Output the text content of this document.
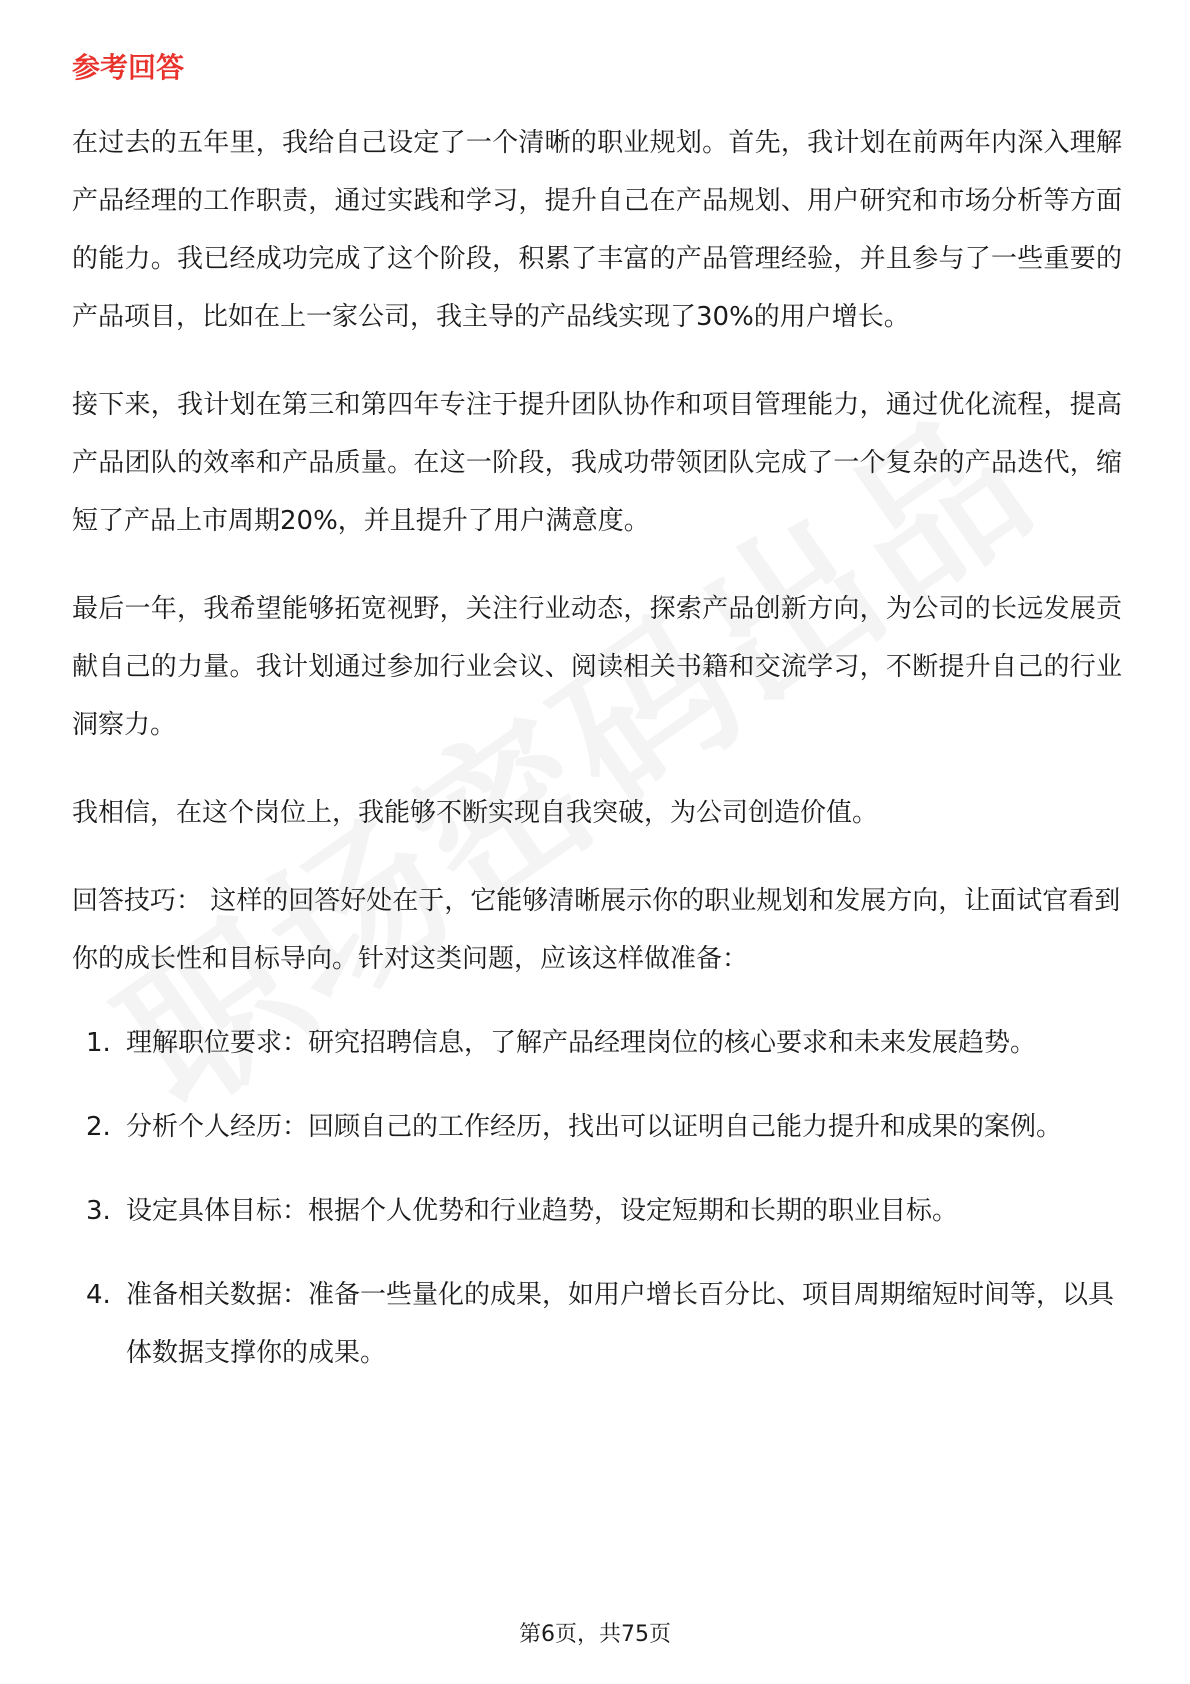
参考回答

在过去的五年里，我给自己设定了一个清晰的职业规划。首先，我计划在前两年内深入理解产品经理的工作职责，通过实践和学习，提升自己在产品规划、用户研究和市场分析等方面的能力。我已经成功完成了这个阶段，积累了丰富的产品管理经验，并且参与了一些重要的产品项目，比如在上一家公司，我主导的产品线实现了30%的用户增长。

接下来，我计划在第三和第四年专注于提升团队协作和项目管理能力，通过优化流程，提高产品团队的效率和产品质量。在这一阶段，我成功带领团队完成了一个复杂的产品迭代，缩短了产品上市周期20%，并且提升了用户满意度。

最后一年，我希望能够拓宽视野，关注行业动态，探索产品创新方向，为公司的长远发展贡献自己的力量。我计划通过参加行业会议、阅读相关书籍和交流学习，不断提升自己的行业洞察力。

我相信，在这个岗位上，我能够不断实现自我突破，为公司创造价值。

回答技巧： 这样的回答好处在于，它能够清晰展示你的职业规划和发展方向，让面试官看到你的成长性和目标导向。针对这类问题，应该这样做准备：

1. 理解职位要求：研究招聘信息，了解产品经理岗位的核心要求和未来发展趋势。
2. 分析个人经历：回顾自己的工作经历，找出可以证明自己能力提升和成果的案例。
3. 设定具体目标：根据个人优势和行业趋势，设定短期和长期的职业目标。
4. 准备相关数据：准备一些量化的成果，如用户增长百分比、项目周期缩短时间等，以具体数据支撑你的成果。
第6页，共75页
